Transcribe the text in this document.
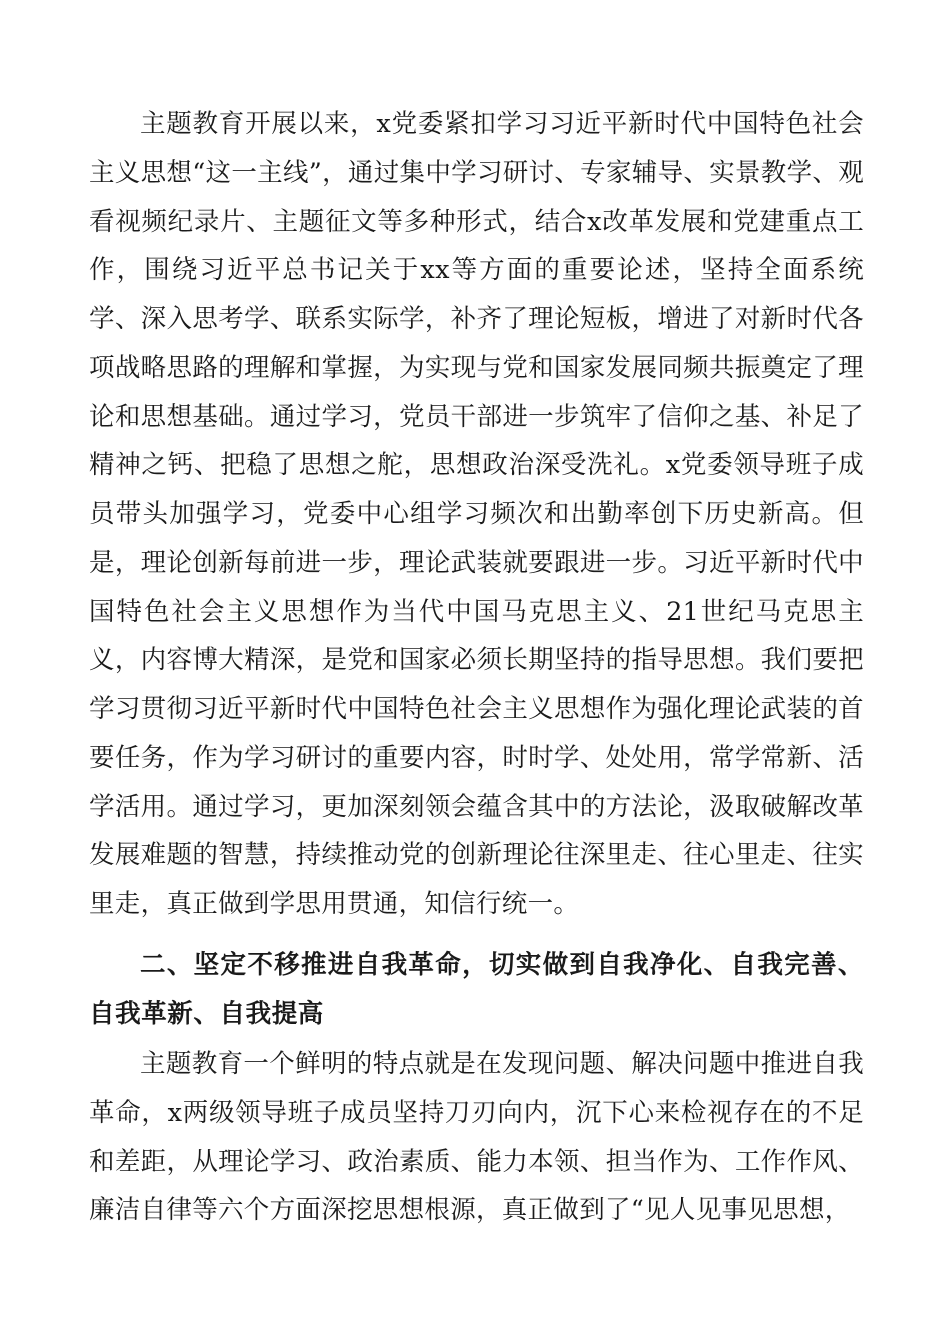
主题教育开展以来，x党委紧扣学习习近平新时代中国特色社会主义思想“这一主线”，通过集中学习研讨、专家辅导、实景教学、观看视频纪录片、主题征文等多种形式，结合x改革发展和党建重点工作，围绕习近平总书记关于xx等方面的重要论述，坚持全面系统学、深入思考学、联系实际学，补齐了理论短板，增进了对新时代各项战略思路的理解和掌握，为实现与党和国家发展同频共振奠定了理论和思想基础。通过学习，党员干部进一步筑牢了信仰之基、补足了精神之钙、把稳了思想之舵，思想政治深受洗礼。x党委领导班子成员带头加强学习，党委中心组学习频次和出勤率创下历史新高。但是，理论创新每前进一步，理论武装就要跟进一步。习近平新时代中国特色社会主义思想作为当代中国马克思主义、21世纪马克思主义，内容博大精深，是党和国家必须长期坚持的指导思想。我们要把学习贯彻习近平新时代中国特色社会主义思想作为强化理论武装的首要任务，作为学习研讨的重要内容，时时学、处处用，常学常新、活学活用。通过学习，更加深刻领会蕴含其中的方法论，汲取破解改革发展难题的智慧，持续推动党的创新理论往深里走、往心里走、往实里走，真正做到学思用贯通，知信行统一。

二、坚定不移推进自我革命，切实做到自我净化、自我完善、自我革新、自我提高

主题教育一个鲜明的特点就是在发现问题、解决问题中推进自我革命，x两级领导班子成员坚持刀刃向内，沉下心来检视存在的不足和差距，从理论学习、政治素质、能力本领、担当作为、工作作风、廉洁自律等六个方面深挖思想根源，真正做到了“见人见事见思想，
